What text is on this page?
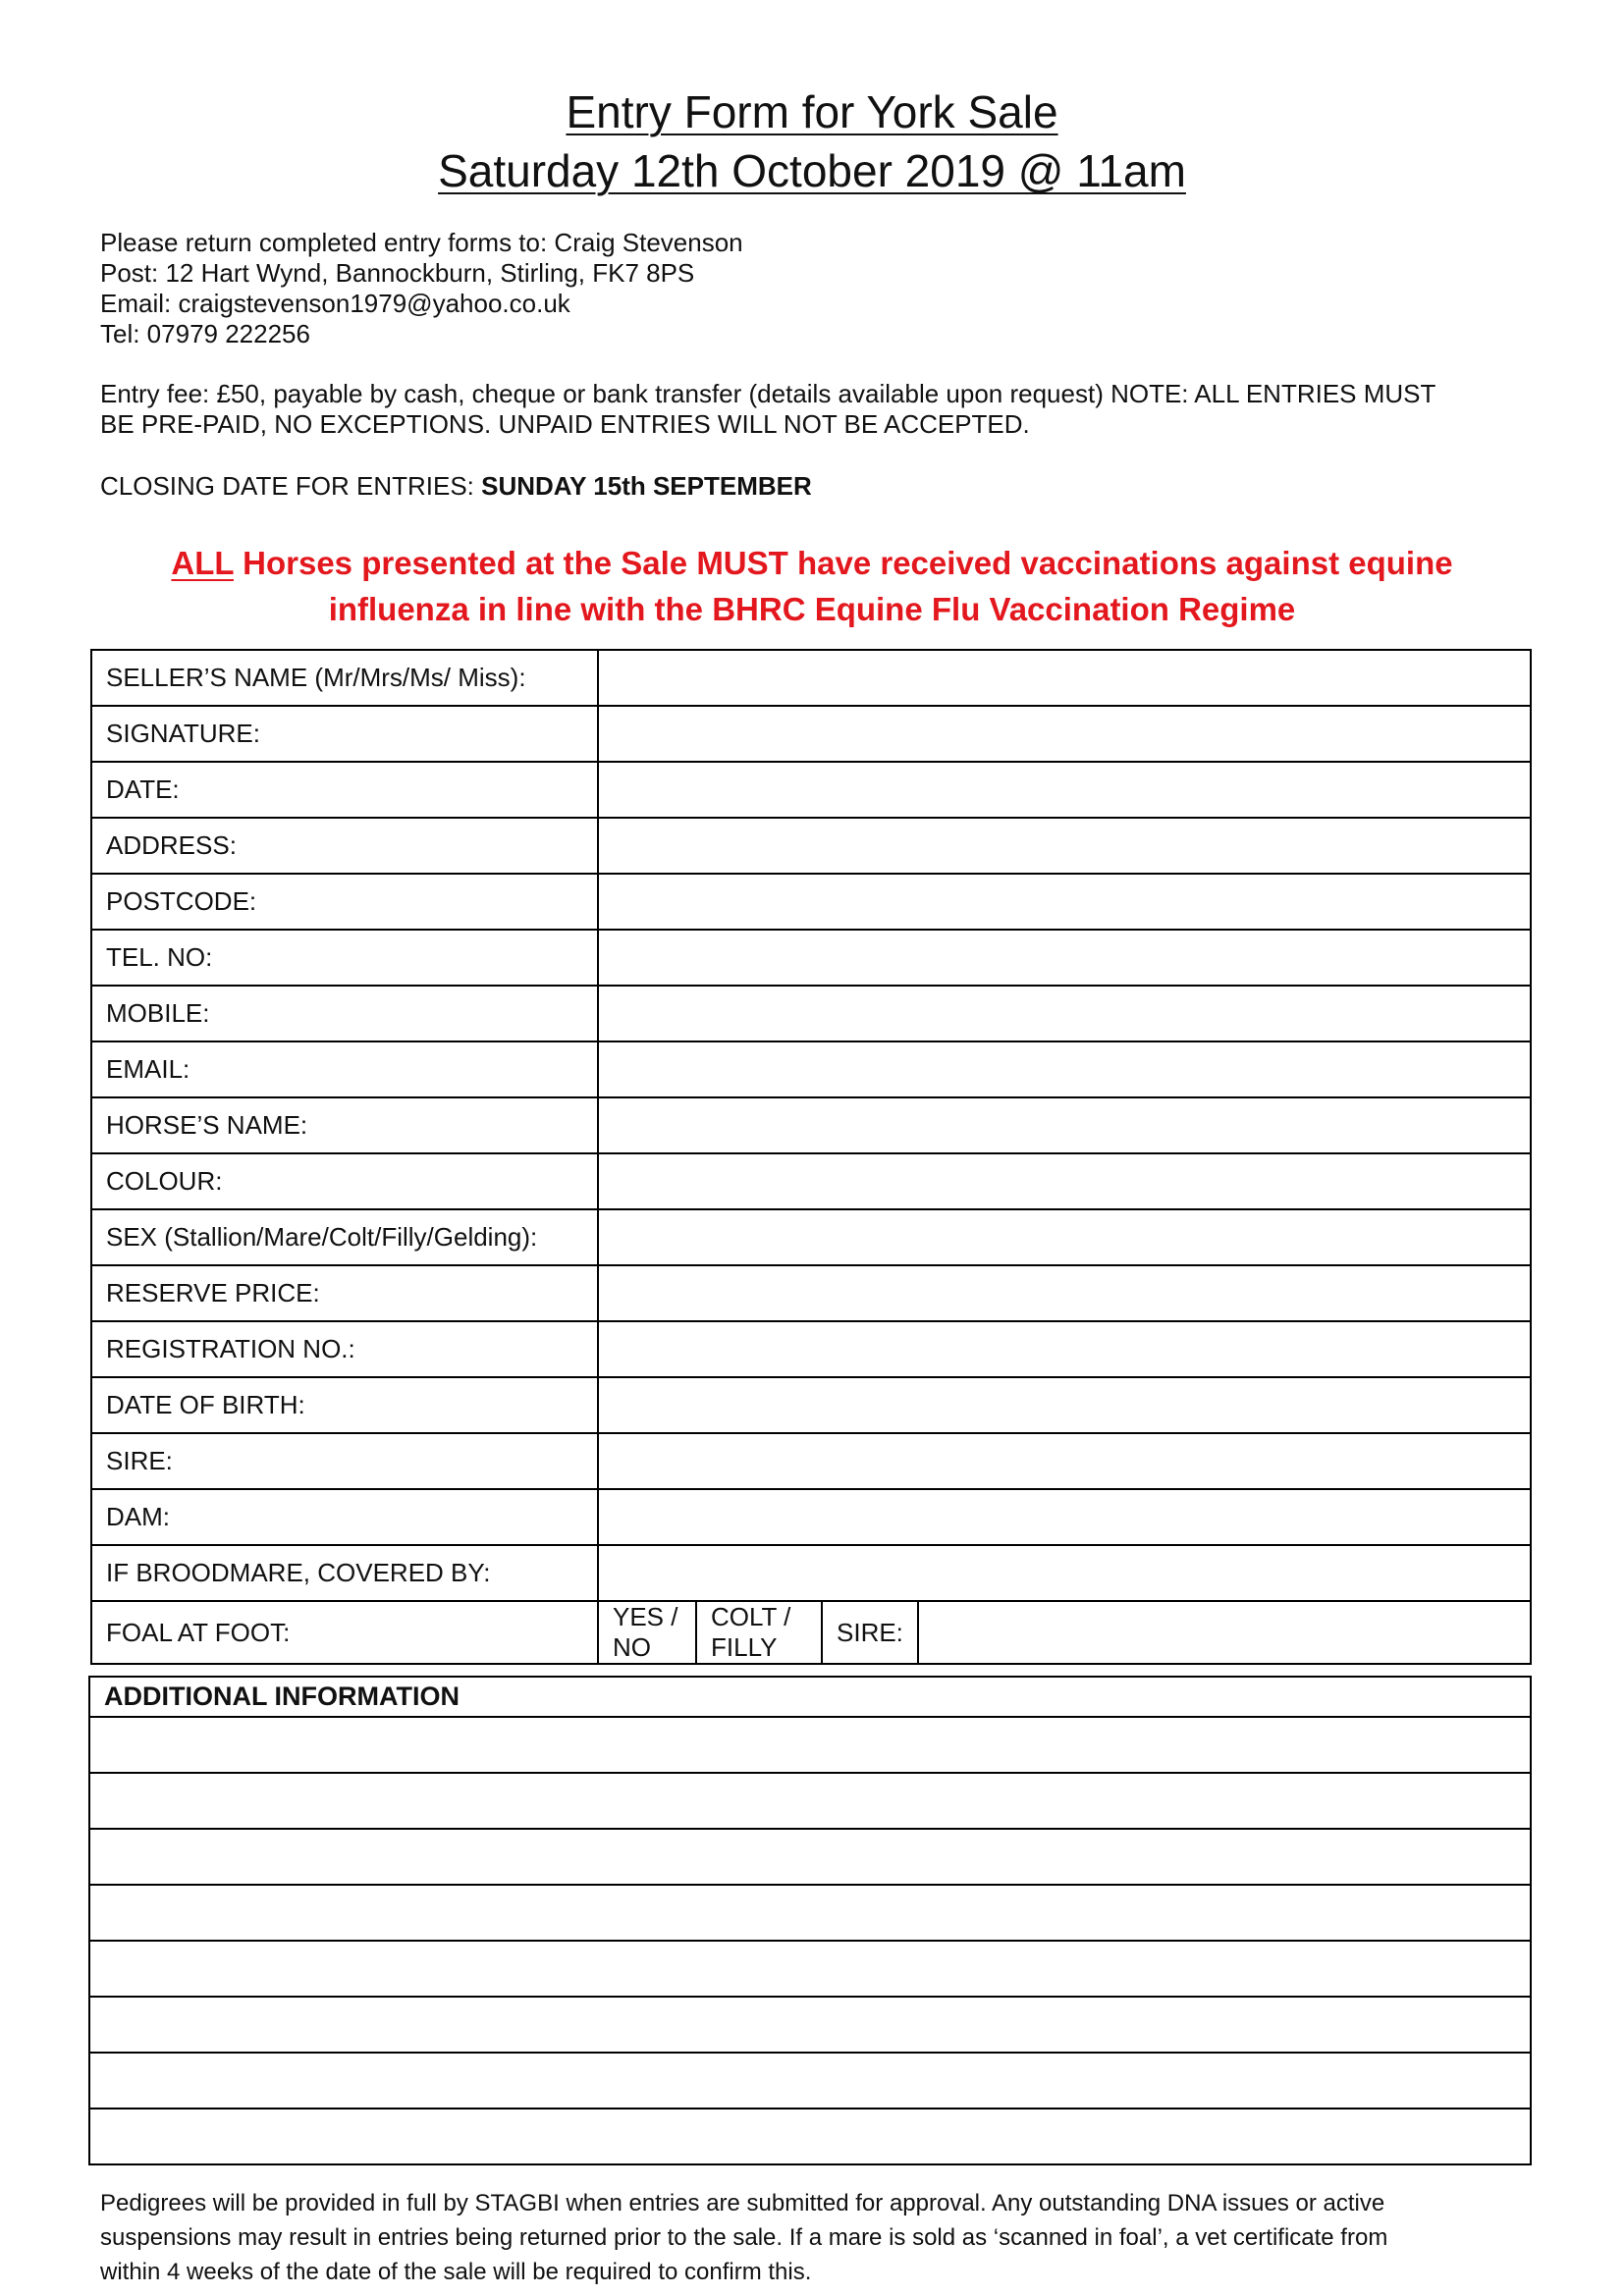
Entry Form for York Sale
Saturday 12th October 2019 @ 11am
Please return completed entry forms to: Craig Stevenson
Post: 12 Hart Wynd, Bannockburn, Stirling, FK7 8PS
Email: craigstevenson1979@yahoo.co.uk
Tel: 07979 222256
Entry fee: £50, payable by cash, cheque or bank transfer (details available upon request) NOTE: ALL ENTRIES MUST
BE PRE-PAID, NO EXCEPTIONS. UNPAID ENTRIES WILL NOT BE ACCEPTED.
CLOSING DATE FOR ENTRIES: SUNDAY 15th SEPTEMBER
ALL Horses presented at the Sale MUST have received vaccinations against equine
influenza in line with the BHRC Equine Flu Vaccination Regime
SELLER’S NAME (Mr/Mrs/Ms/ Miss):				
SIGNATURE:				
DATE:				
ADDRESS:				
POSTCODE:				
TEL. NO:				
MOBILE:				
EMAIL:				
HORSE’S NAME:				
COLOUR:				
SEX (Stallion/Mare/Colt/Filly/Gelding):				
RESERVE PRICE:				
REGISTRATION NO.:				
DATE OF BIRTH:				
SIRE:				
DAM:				
IF BROODMARE, COVERED BY:				
FOAL AT FOOT:	YES / NO	COLT / FILLY	SIRE:	
ADDITIONAL INFORMATION

Pedigrees will be provided in full by STAGBI when entries are submitted for approval. Any outstanding DNA issues or active
suspensions may result in entries being returned prior to the sale. If a mare is sold as ‘scanned in foal’, a vet certificate from
within 4 weeks of the date of the sale will be required to confirm this.
